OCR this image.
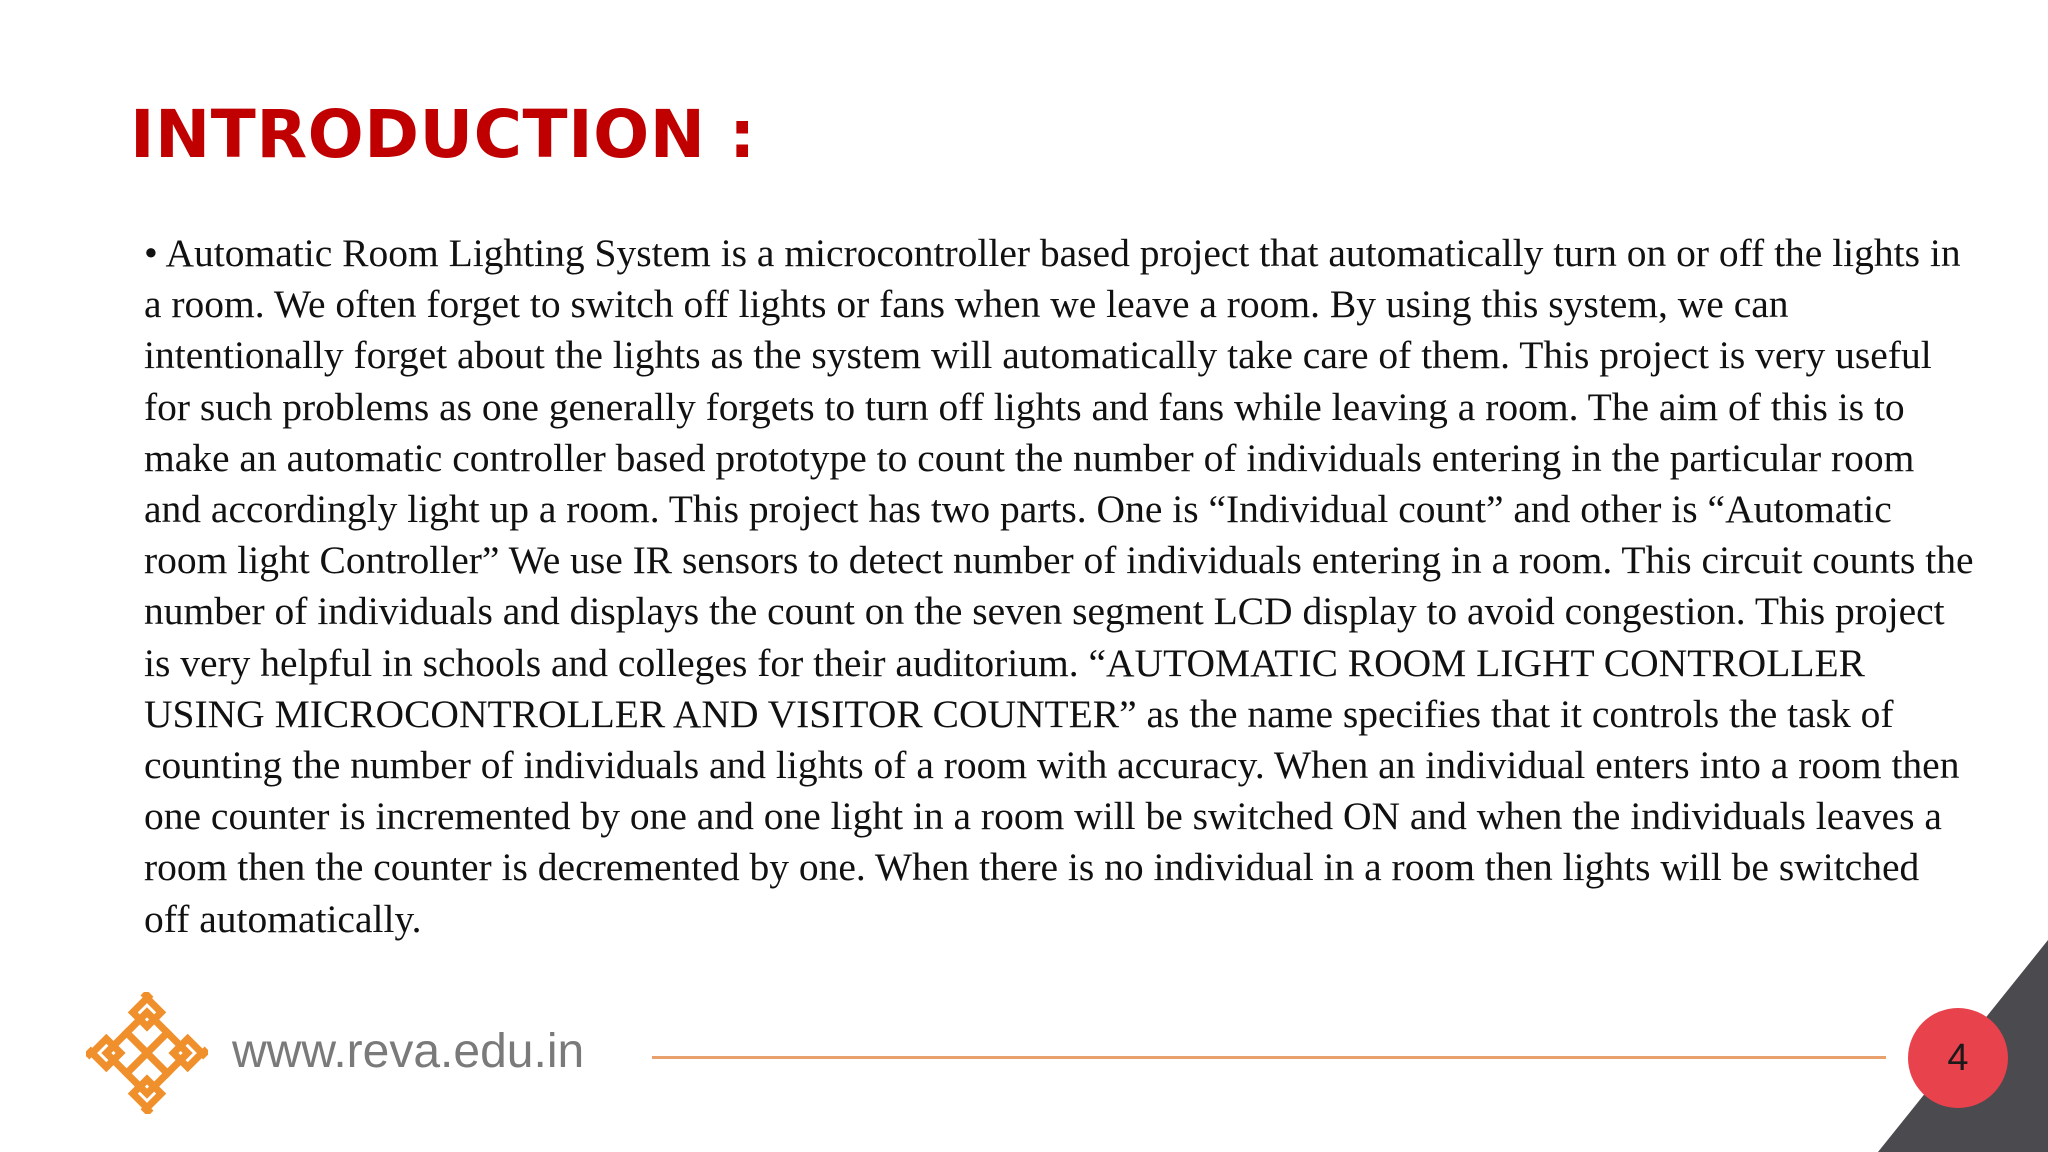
INTRODUCTION :

• Automatic Room Lighting System is a microcontroller based project that automatically turn on or off the lights in a room. We often forget to switch off lights or fans when we leave a room. By using this system, we can intentionally forget about the lights as the system will automatically take care of them. This project is very useful for such problems as one generally forgets to turn off lights and fans while leaving a room. The aim of this is to make an automatic controller based prototype to count the number of individuals entering in the particular room and accordingly light up a room. This project has two parts. One is “Individual count” and other is “Automatic room light Controller” We use IR sensors to detect number of individuals entering in a room. This circuit counts the number of individuals and displays the count on the seven segment LCD display to avoid congestion. This project is very helpful in schools and colleges for their auditorium. “AUTOMATIC ROOM LIGHT CONTROLLER USING MICROCONTROLLER AND VISITOR COUNTER” as the name specifies that it controls the task of counting the number of individuals and lights of a room with accuracy. When an individual enters into a room then one counter is incremented by one and one light in a room will be switched ON and when the individuals leaves a room then the counter is decremented by one. When there is no individual in a room then lights will be switched off automatically.

www.reva.edu.in	4
